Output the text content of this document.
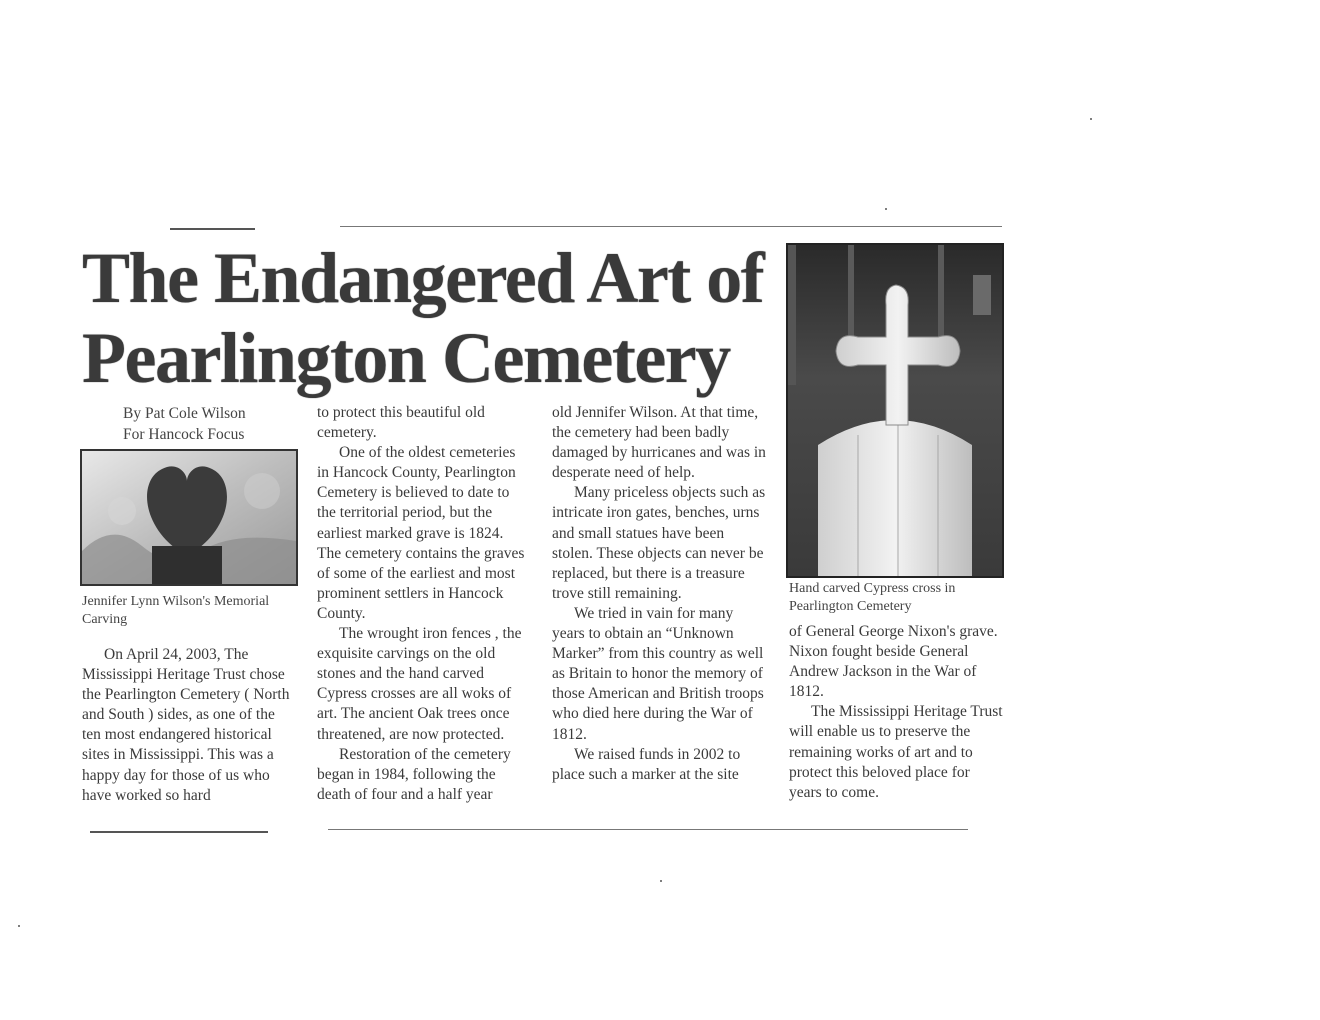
The Endangered Art of
Pearlington Cemetery
By Pat Cole Wilson
For Hancock Focus
Jennifer Lynn Wilson's Memorial Carving

On April 24, 2003, The Mississippi Heritage Trust chose the Pearlington Cemetery ( North and South ) sides, as one of the ten most endangered historical sites in Mississippi. This was a happy day for those of us who have worked so hard

to protect this beautiful old cemetery.

One of the oldest cemeteries in Hancock County, Pearlington Cemetery is believed to date to the territorial period, but the earliest marked grave is 1824. The cemetery contains the graves of some of the earliest and most prominent settlers in Hancock County.

The wrought iron fences , the exquisite carvings on the old stones and the hand carved Cypress crosses are all woks of art. The ancient Oak trees once threatened, are now protected.

Restoration of the cemetery began in 1984, following the death of four and a half year

old Jennifer Wilson. At that time, the cemetery had been badly damaged by hurricanes and was in desperate need of help.

Many priceless objects such as intricate iron gates, benches, urns and small statues have been stolen. These objects can never be replaced, but there is a treasure trove still remaining.

We tried in vain for many years to obtain an “Unknown Marker” from this country as well as Britain to honor the memory of those American and British troops who died here during the War of 1812.

We raised funds in 2002 to place such a marker at the site

Hand carved Cypress cross in Pearlington Cemetery

of General George Nixon's grave. Nixon fought beside General Andrew Jackson in the War of 1812.

The Mississippi Heritage Trust will enable us to preserve the remaining works of art and to protect this beloved place for years to come.
